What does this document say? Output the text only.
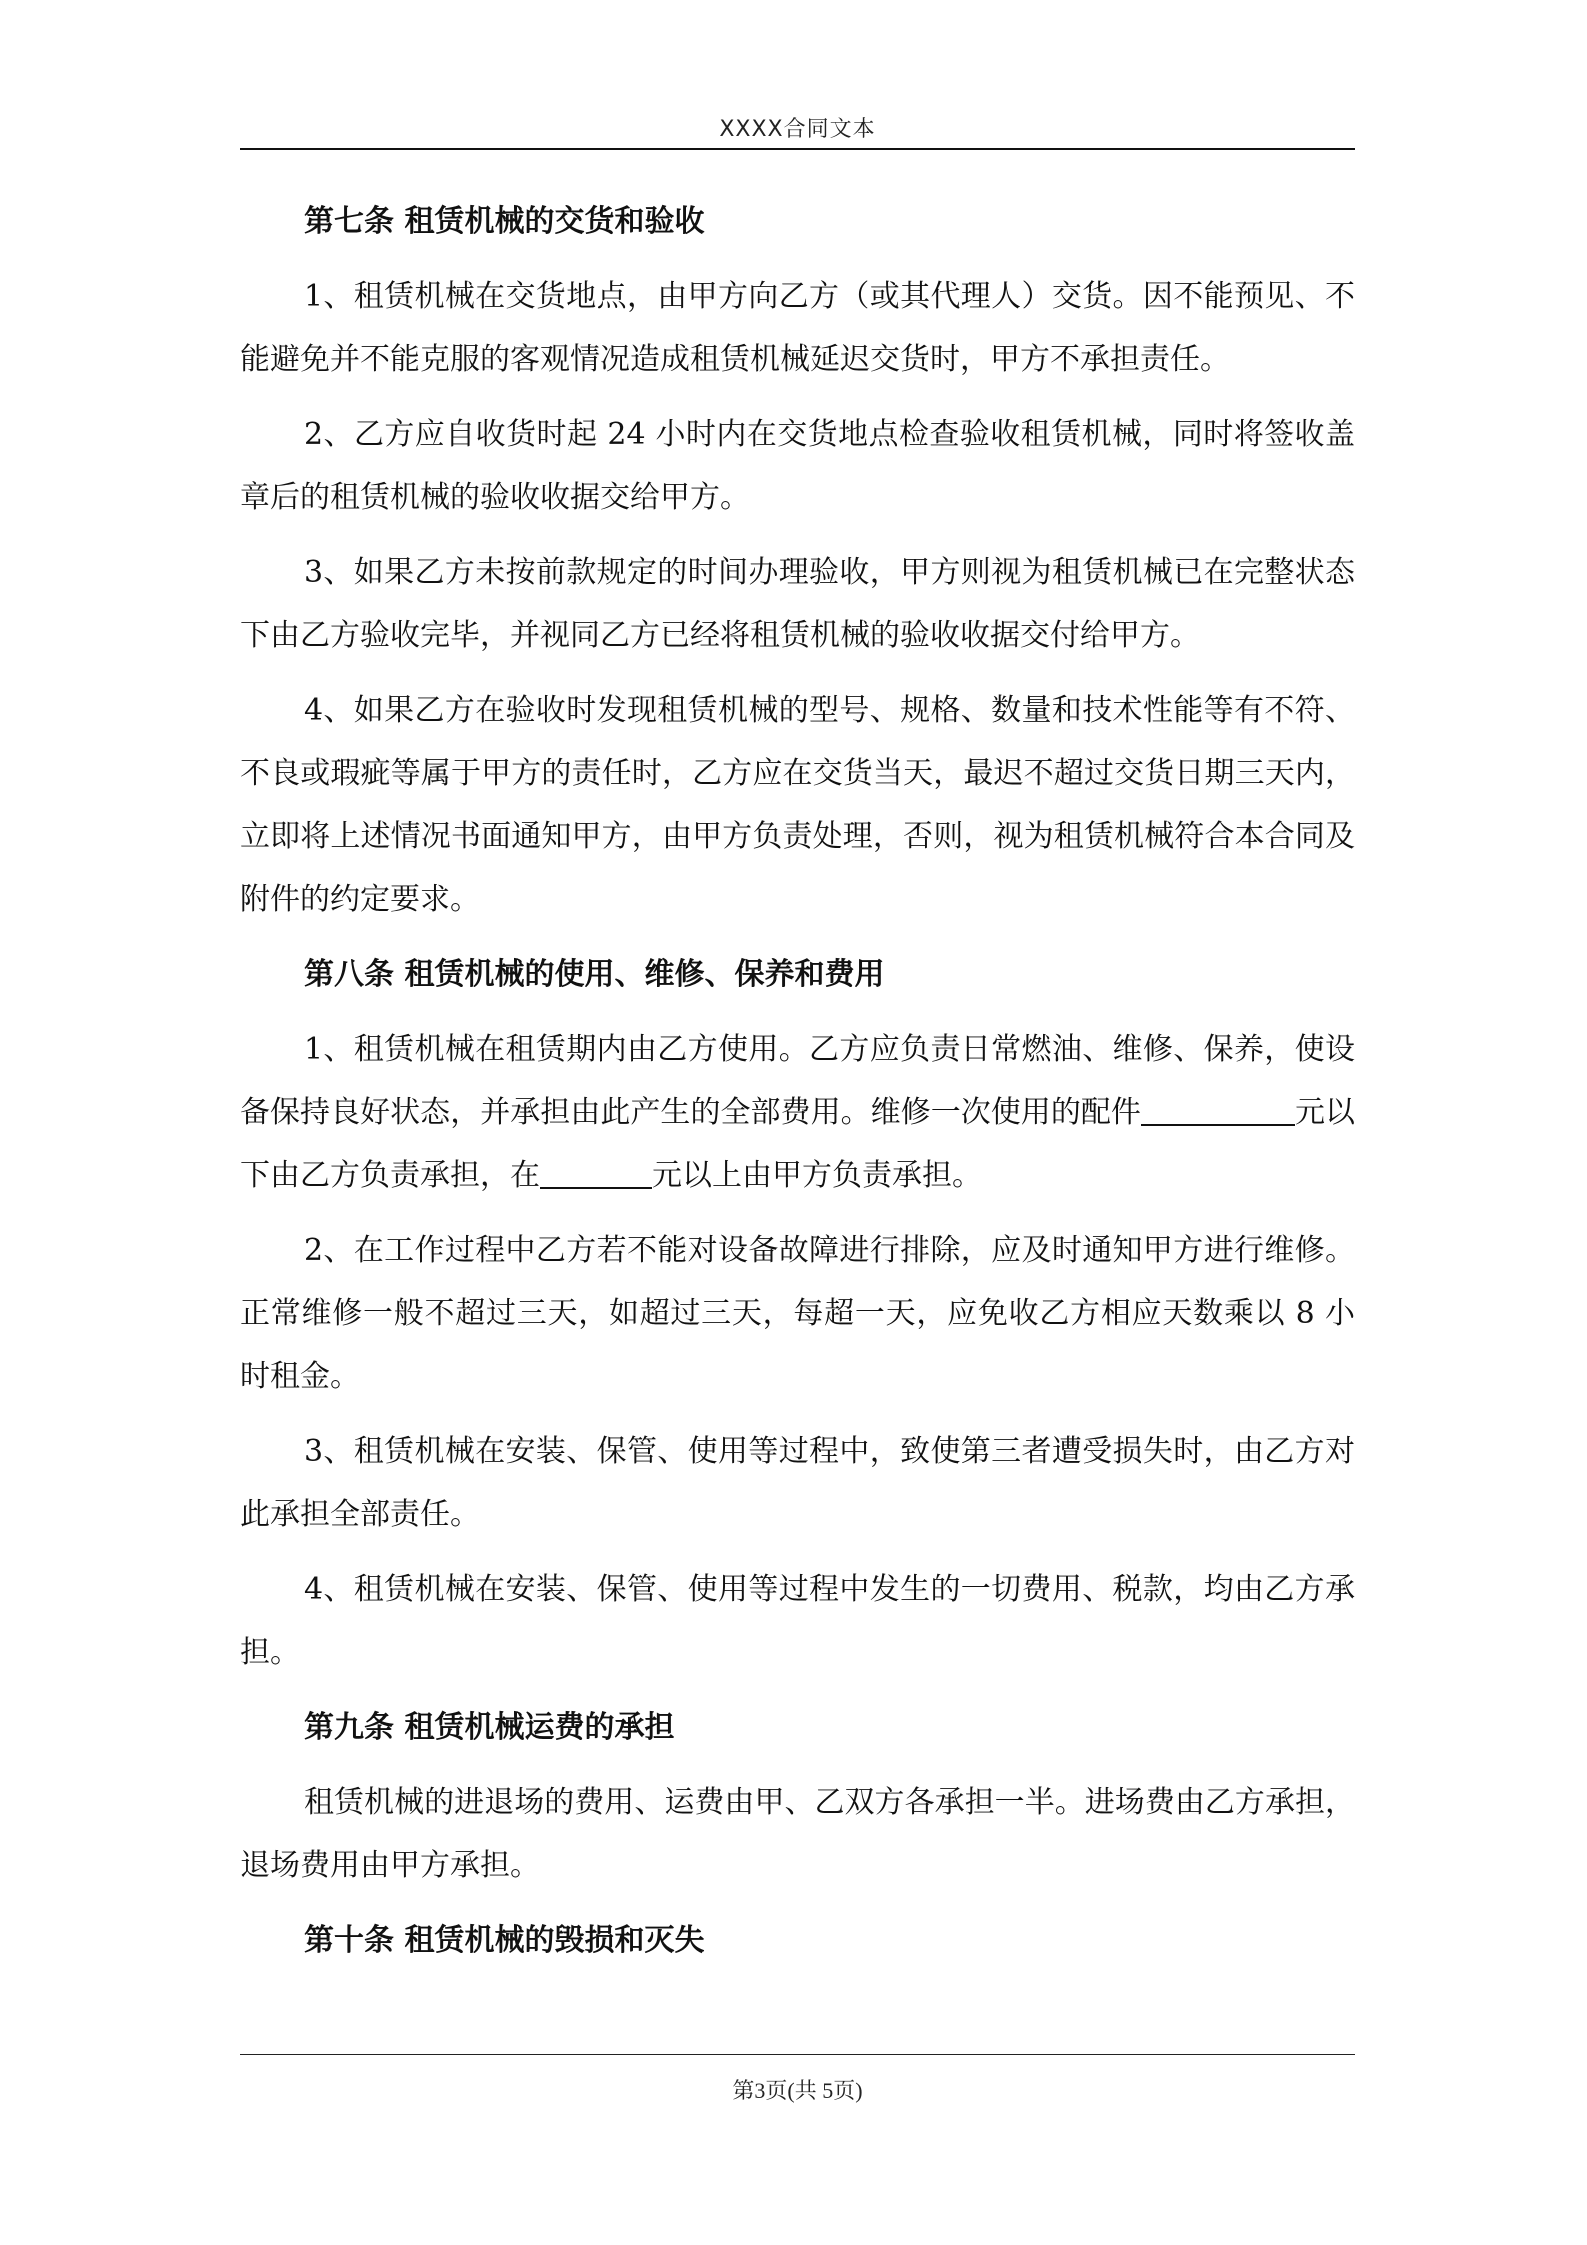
XXXX合同文本

第七条 租赁机械的交货和验收

1、租赁机械在交货地点，由甲方向乙方（或其代理人）交货。因不能预见、不能避免并不能克服的客观情况造成租赁机械延迟交货时，甲方不承担责任。

2、乙方应自收货时起 24 小时内在交货地点检查验收租赁机械，同时将签收盖章后的租赁机械的验收收据交给甲方。

3、如果乙方未按前款规定的时间办理验收，甲方则视为租赁机械已在完整状态下由乙方验收完毕，并视同乙方已经将租赁机械的验收收据交付给甲方。

4、如果乙方在验收时发现租赁机械的型号、规格、数量和技术性能等有不符、不良或瑕疵等属于甲方的责任时，乙方应在交货当天，最迟不超过交货日期三天内，立即将上述情况书面通知甲方，由甲方负责处理，否则，视为租赁机械符合本合同及附件的约定要求。

第八条 租赁机械的使用、维修、保养和费用

1、租赁机械在租赁期内由乙方使用。乙方应负责日常燃油、维修、保养，使设备保持良好状态，并承担由此产生的全部费用。维修一次使用的配件	元以下由乙方负责承担，在	元以上由甲方负责承担。

2、在工作过程中乙方若不能对设备故障进行排除，应及时通知甲方进行维修。正常维修一般不超过三天，如超过三天，每超一天，应免收乙方相应天数乘以 8 小时租金。

3、租赁机械在安装、保管、使用等过程中，致使第三者遭受损失时，由乙方对此承担全部责任。

4、租赁机械在安装、保管、使用等过程中发生的一切费用、税款，均由乙方承担。

第九条 租赁机械运费的承担

租赁机械的进退场的费用、运费由甲、乙双方各承担一半。进场费由乙方承担，退场费用由甲方承担。

第十条 租赁机械的毁损和灭失

第3页(共 5页)
